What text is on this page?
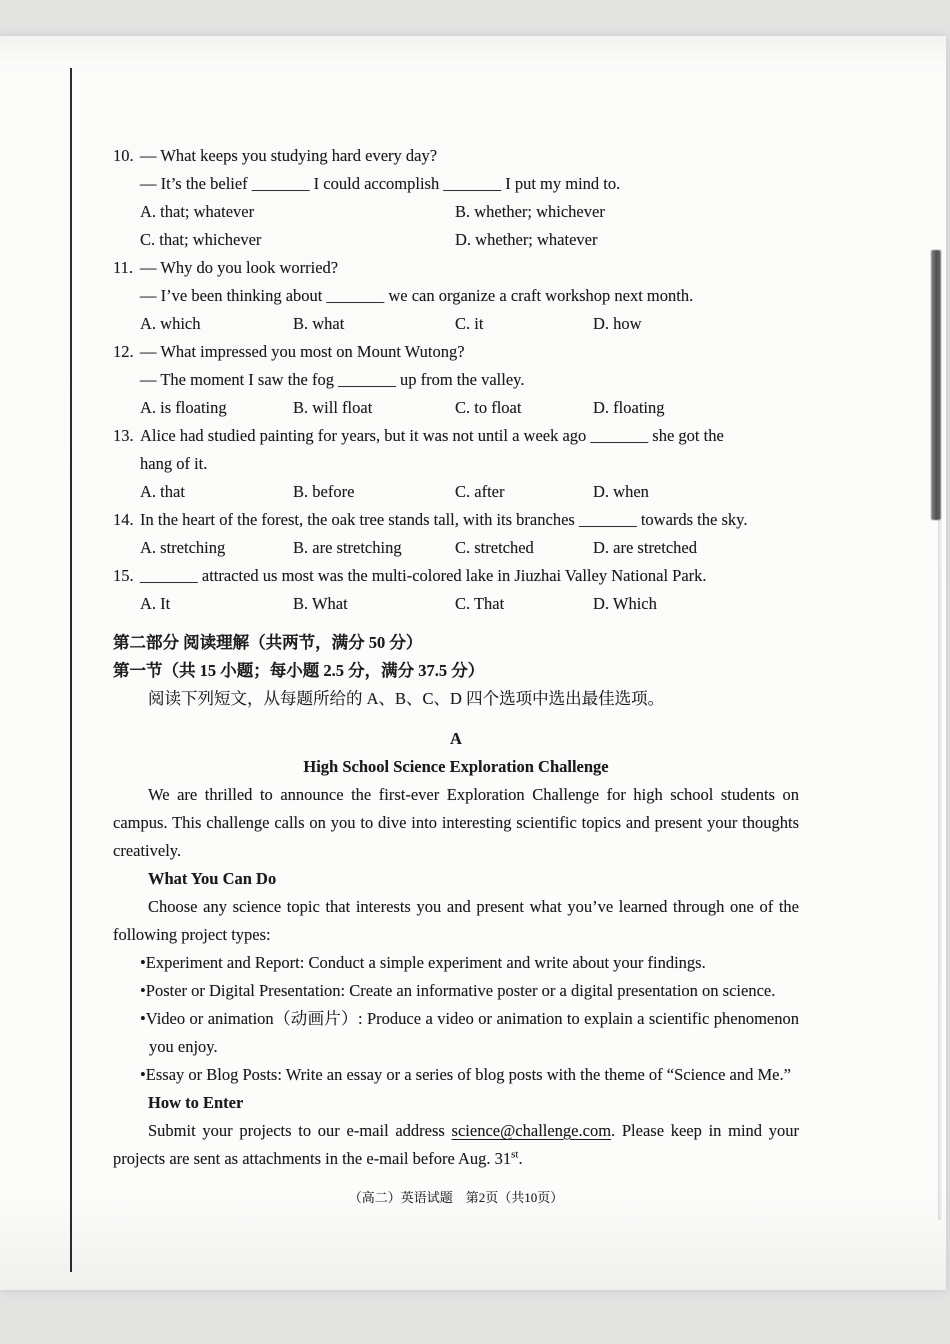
10. — What keeps you studying hard every day?
— It’s the belief _______ I could accomplish _______ I put my mind to.
A. that; whatever	B. whether; whichever
C. that; whichever	D. whether; whatever
11. — Why do you look worried?
— I’ve been thinking about _______ we can organize a craft workshop next month.
A. which	B. what	C. it	D. how
12. — What impressed you most on Mount Wutong?
— The moment I saw the fog _______ up from the valley.
A. is floating	B. will float	C. to float	D. floating
13. Alice had studied painting for years, but it was not until a week ago _______ she got the
hang of it.
A. that	B. before	C. after	D. when
14. In the heart of the forest, the oak tree stands tall, with its branches _______ towards the sky.
A. stretching	B. are stretching	C. stretched	D. are stretched
15. _______ attracted us most was the multi-colored lake in Jiuzhai Valley National Park.
A. It	B. What	C. That	D. Which
第二部分 阅读理解（共两节，满分 50 分）
第一节（共 15 小题；每小题 2.5 分，满分 37.5 分）
阅读下列短文，从每题所给的 A、B、C、D 四个选项中选出最佳选项。
A
High School Science Exploration Challenge

We are thrilled to announce the first-ever Exploration Challenge for high school students on campus. This challenge calls on you to dive into interesting scientific topics and present your thoughts creatively.

What You Can Do

Choose any science topic that interests you and present what you’ve learned through one of the following project types:

•Experiment and Report: Conduct a simple experiment and write about your findings.
•Poster or Digital Presentation: Create an informative poster or a digital presentation on science.
•Video or animation（动画片）: Produce a video or animation to explain a scientific phenomenon you enjoy.
•Essay or Blog Posts: Write an essay or a series of blog posts with the theme of “Science and Me.”
How to Enter

Submit your projects to our e-mail address science@challenge.com. Please keep in mind your projects are sent as attachments in the e-mail before Aug. 31st.

（高二）英语试题　第2页（共10页）
